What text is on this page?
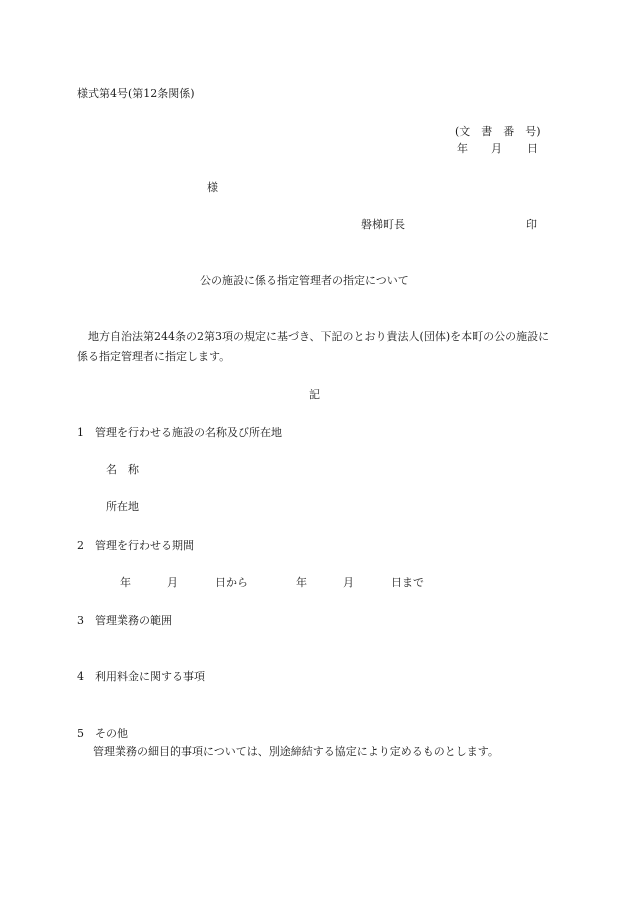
様式第4号(第12条関係)
(文　書　番　号)
年 月 日
様
磐梯町長	印
公の施設に係る指定管理者の指定について
　地方自治法第244条の2第3項の規定に基づき、下記のとおり貴法人(団体)を本町の公の施設に係る指定管理者に指定します。
記
1　管理を行わせる施設の名称及び所在地
名　称
所在地
2　管理を行わせる期間
年	月	日から	年	月	日まで
3　管理業務の範囲
4　利用料金に関する事項
5　その他
管理業務の細目的事項については、別途締結する協定により定めるものとします。
